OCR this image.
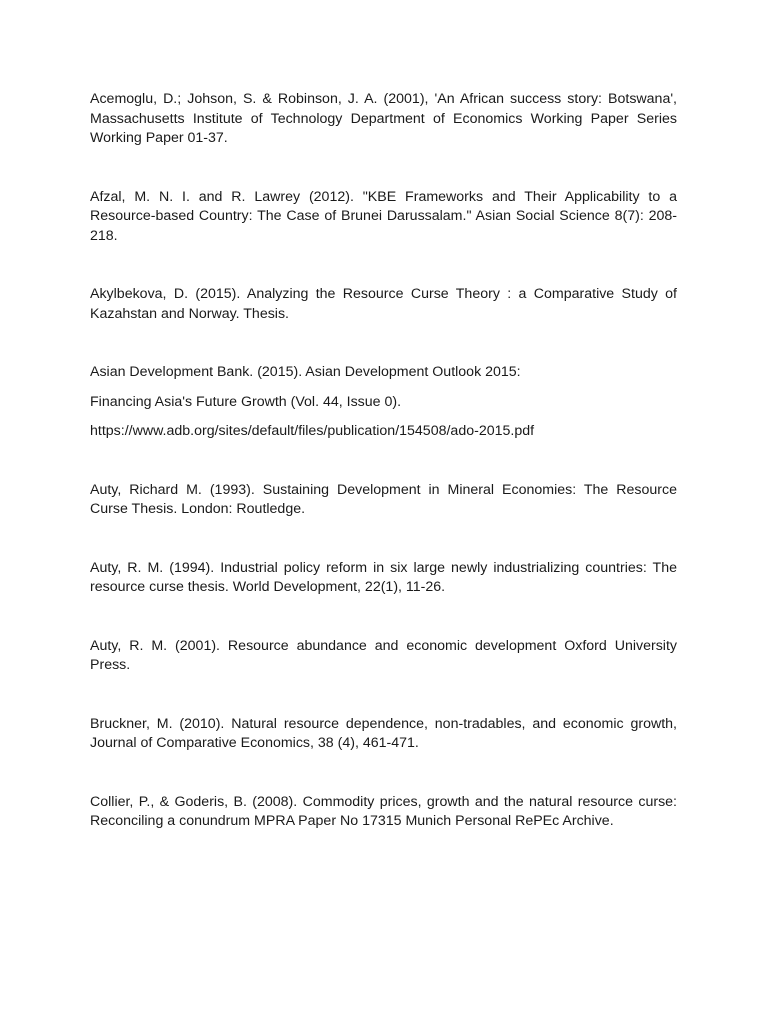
Acemoglu, D.; Johson, S. & Robinson, J. A. (2001), 'An African success story: Botswana', Massachusetts Institute of Technology Department of Economics Working Paper Series Working Paper 01-37.

Afzal, M. N. I. and R. Lawrey (2012). "KBE Frameworks and Their Applicability to a Resource-based Country: The Case of Brunei Darussalam." Asian Social Science 8(7): 208-218.

Akylbekova, D. (2015). Analyzing the Resource Curse Theory : a Comparative Study of Kazahstan and Norway. Thesis.

Asian Development Bank. (2015). Asian Development Outlook 2015:

Financing Asia's Future Growth (Vol. 44, Issue 0).

https://www.adb.org/sites/default/files/publication/154508/ado-2015.pdf

Auty, Richard M. (1993). Sustaining Development in Mineral Economies: The Resource Curse Thesis. London: Routledge.

Auty, R. M. (1994). Industrial policy reform in six large newly industrializing countries: The resource curse thesis. World Development, 22(1), 11-26.

Auty, R. M. (2001). Resource abundance and economic development Oxford University Press.

Bruckner, M. (2010). Natural resource dependence, non-tradables, and economic growth, Journal of Comparative Economics, 38 (4), 461-471.

Collier, P., & Goderis, B. (2008). Commodity prices, growth and the natural resource curse: Reconciling a conundrum MPRA Paper No 17315 Munich Personal RePEc Archive.
